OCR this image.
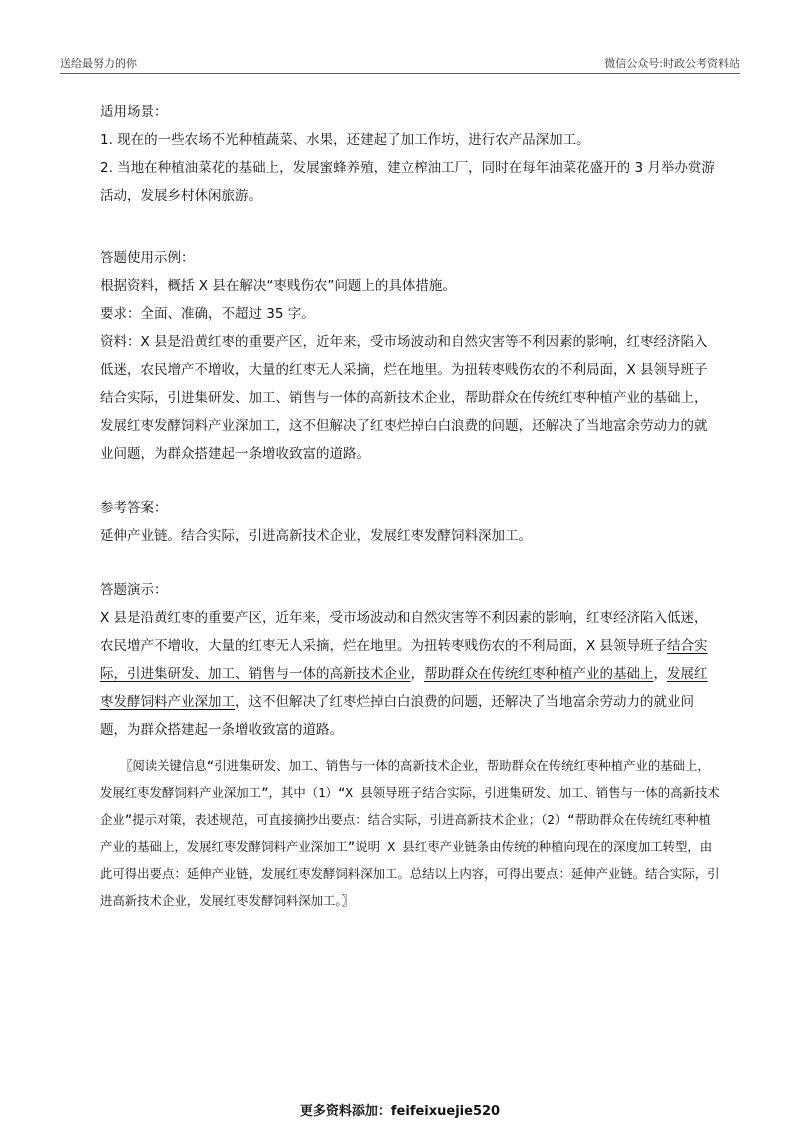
送给最努力的你	微信公众号:时政公考资料站

适用场景：

1. 现在的一些农场不光种植蔬菜、水果，还建起了加工作坊，进行农产品深加工。

2. 当地在种植油菜花的基础上，发展蜜蜂养殖，建立榨油工厂，同时在每年油菜花盛开的 3 月举办赏游活动，发展乡村休闲旅游。

答题使用示例：

根据资料，概括 X 县在解决“枣贱伤农”问题上的具体措施。

要求：全面、准确，不超过 35 字。

资料：X 县是沿黄红枣的重要产区，近年来，受市场波动和自然灾害等不利因素的影响，红枣经济陷入低迷，农民增产不增收，大量的红枣无人采摘，烂在地里。为扭转枣贱伤农的不利局面，X 县领导班子结合实际，引进集研发、加工、销售与一体的高新技术企业，帮助群众在传统红枣种植产业的基础上，发展红枣发酵饲料产业深加工，这不但解决了红枣烂掉白白浪费的问题，还解决了当地富余劳动力的就业问题，为群众搭建起一条增收致富的道路。

参考答案：

延伸产业链。结合实际，引进高新技术企业，发展红枣发酵饲料深加工。

答题演示：

X 县是沿黄红枣的重要产区，近年来，受市场波动和自然灾害等不利因素的影响，红枣经济陷入低迷，农民增产不增收，大量的红枣无人采摘，烂在地里。为扭转枣贱伤农的不利局面，X 县领导班子结合实际，引进集研发、加工、销售与一体的高新技术企业，帮助群众在传统红枣种植产业的基础上，发展红枣发酵饲料产业深加工，这不但解决了红枣烂掉白白浪费的问题，还解决了当地富余劳动力的就业问题，为群众搭建起一条增收致富的道路。

〖阅读关键信息“引进集研发、加工、销售与一体的高新技术企业，帮助群众在传统红枣种植产业的基础上，发展红枣发酵饲料产业深加工”，其中（1）“X 县领导班子结合实际，引进集研发、加工、销售与一体的高新技术企业”提示对策，表述规范，可直接摘抄出要点：结合实际，引进高新技术企业；（2）“帮助群众在传统红枣种植产业的基础上，发展红枣发酵饲料产业深加工”说明 X 县红枣产业链条由传统的种植向现在的深度加工转型，由此可得出要点：延伸产业链，发展红枣发酵饲料深加工。总结以上内容，可得出要点：延伸产业链。结合实际，引进高新技术企业，发展红枣发酵饲料深加工。〗

更多资料添加：feifeixuejie520
